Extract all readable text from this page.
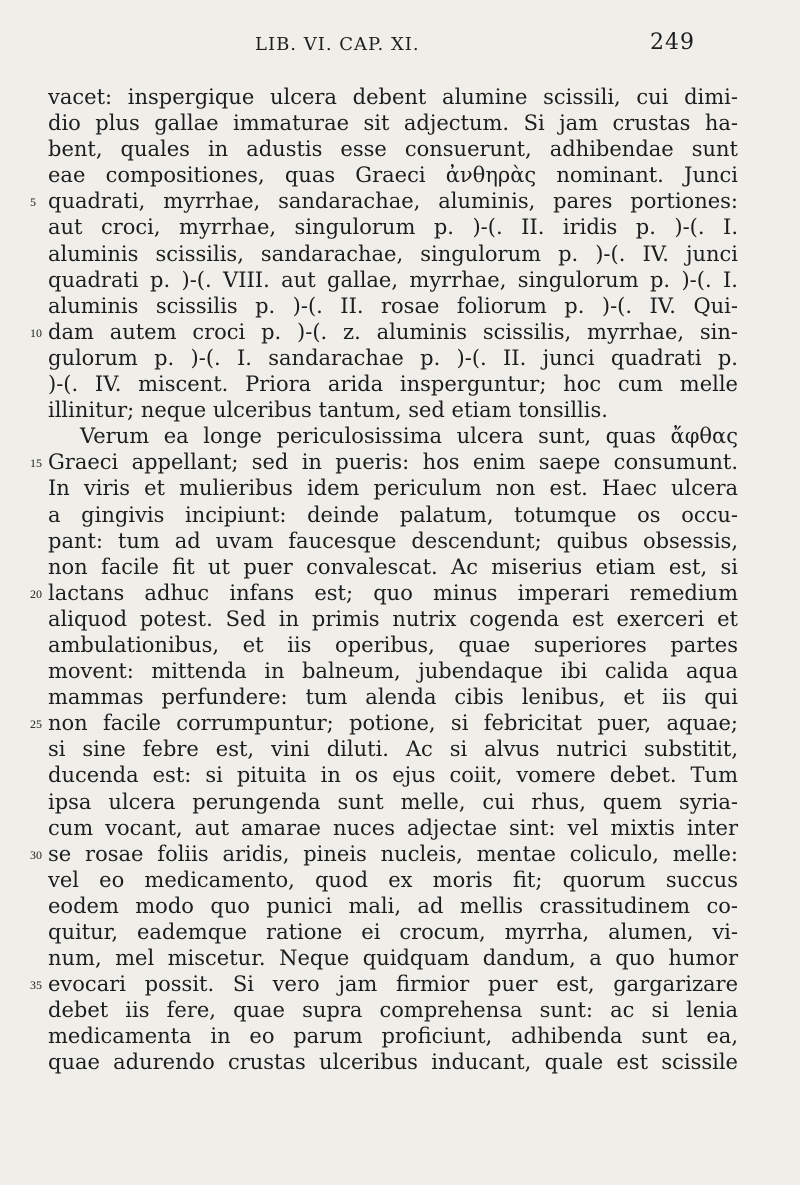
LIB. VI. CAP. XI.	249
vacet: inspergique ulcera debent alumine scissili, cui dimi-
dio plus gallae immaturae sit adjectum. Si jam crustas ha-
bent, quales in adustis esse consuerunt, adhibendae sunt
eae compositiones, quas Graeci ἀνθηρὰς nominant. Junci
5 quadrati, myrrhae, sandarachae, aluminis, pares portiones:
aut croci, myrrhae, singulorum p. )-(. II. iridis p. )-(. I.
aluminis scissilis, sandarachae, singulorum p. )-(. IV. junci
quadrati p. )-(. VIII. aut gallae, myrrhae, singulorum p. )-(. I.
aluminis scissilis p. )-(. II. rosae foliorum p. )-(. IV. Qui-
10 dam autem croci p. )-(. z. aluminis scissilis, myrrhae, sin-
gulorum p. )-(. I. sandarachae p. )-(. II. junci quadrati p.
)-(. IV. miscent. Priora arida insperguntur; hoc cum melle
illinitur; neque ulceribus tantum, sed etiam tonsillis.
Verum ea longe periculosissima ulcera sunt, quas ἄφθας
15 Graeci appellant; sed in pueris: hos enim saepe consumunt.
In viris et mulieribus idem periculum non est. Haec ulcera
a gingivis incipiunt: deinde palatum, totumque os occu-
pant: tum ad uvam faucesque descendunt; quibus obsessis,
non facile fit ut puer convalescat. Ac miserius etiam est, si
20 lactans adhuc infans est; quo minus imperari remedium
aliquod potest. Sed in primis nutrix cogenda est exerceri et
ambulationibus, et iis operibus, quae superiores partes
movent: mittenda in balneum, jubendaque ibi calida aqua
mammas perfundere: tum alenda cibis lenibus, et iis qui
25 non facile corrumpuntur; potione, si febricitat puer, aquae;
si sine febre est, vini diluti. Ac si alvus nutrici substitit,
ducenda est: si pituita in os ejus coiit, vomere debet. Tum
ipsa ulcera perungenda sunt melle, cui rhus, quem syria-
cum vocant, aut amarae nuces adjectae sint: vel mixtis inter
30 se rosae foliis aridis, pineis nucleis, mentae coliculo, melle:
vel eo medicamento, quod ex moris fit; quorum succus
eodem modo quo punici mali, ad mellis crassitudinem co-
quitur, eademque ratione ei crocum, myrrha, alumen, vi-
num, mel miscetur. Neque quidquam dandum, a quo humor
35 evocari possit. Si vero jam firmior puer est, gargarizare
debet iis fere, quae supra comprehensa sunt: ac si lenia
medicamenta in eo parum proficiunt, adhibenda sunt ea,
quae adurendo crustas ulceribus inducant, quale est scissile
